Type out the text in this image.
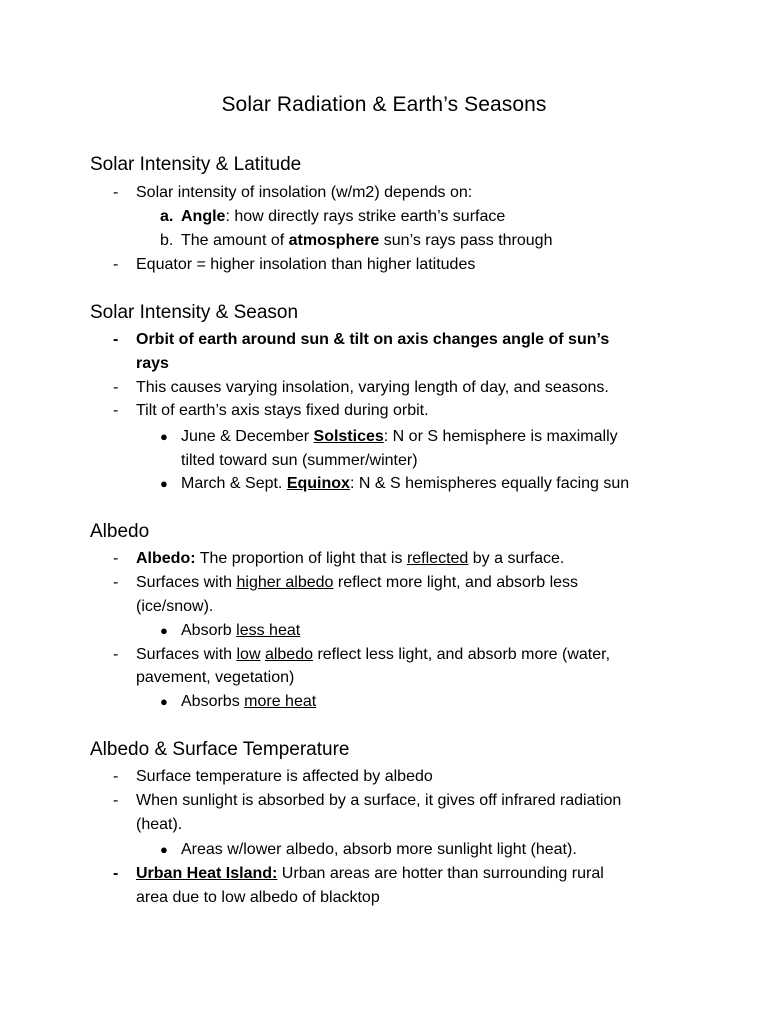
Solar Radiation & Earth’s Seasons
Solar Intensity & Latitude
- Solar intensity of insolation (w/m2) depends on:
a. Angle: how directly rays strike earth’s surface
b. The amount of atmosphere sun’s rays pass through
- Equator = higher insolation than higher latitudes
Solar Intensity & Season
- Orbit of earth around sun & tilt on axis changes angle of sun’s
rays
- This causes varying insolation, varying length of day, and seasons.
- Tilt of earth’s axis stays fixed during orbit.
● June & December Solstices: N or S hemisphere is maximally
tilted toward sun (summer/winter)
● March & Sept. Equinox: N & S hemispheres equally facing sun
Albedo
- Albedo: The proportion of light that is reflected by a surface.
- Surfaces with higher albedo reflect more light, and absorb less
(ice/snow).
● Absorb less heat
- Surfaces with low albedo reflect less light, and absorb more (water,
pavement, vegetation)
● Absorbs more heat
Albedo & Surface Temperature
- Surface temperature is affected by albedo
- When sunlight is absorbed by a surface, it gives off infrared radiation
(heat).
● Areas w/lower albedo, absorb more sunlight light (heat).
- Urban Heat Island: Urban areas are hotter than surrounding rural
area due to low albedo of blacktop
